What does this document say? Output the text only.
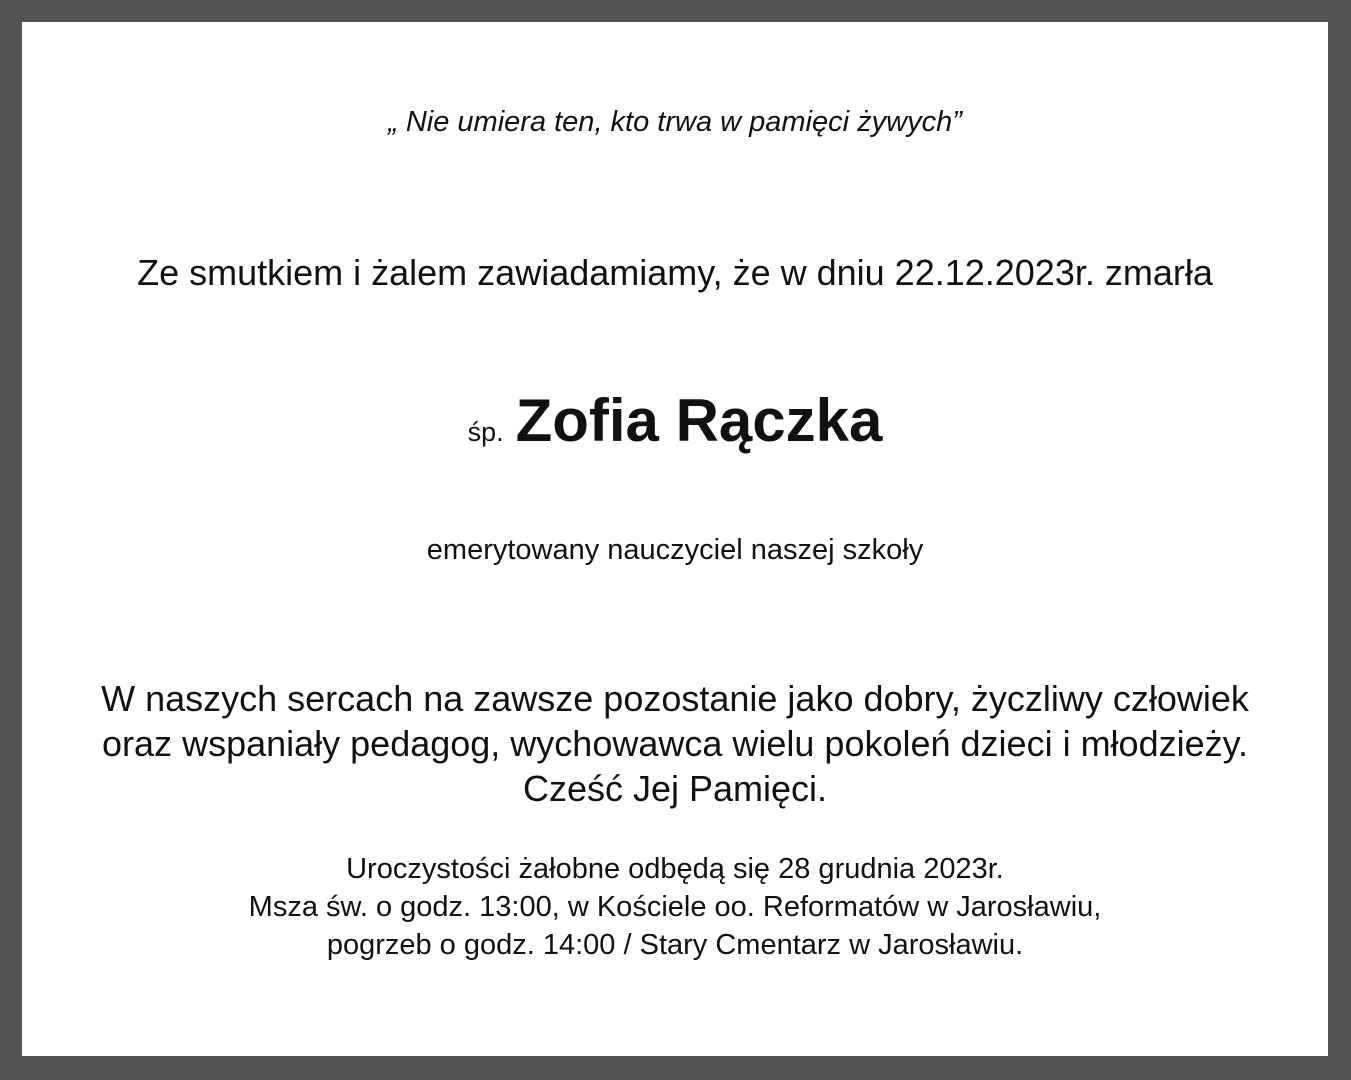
„ Nie umiera ten, kto trwa w pamięci żywych”
Ze smutkiem i żalem zawiadamiamy, że w dniu 22.12.2023r. zmarła
śp. Zofia Rączka
emerytowany nauczyciel naszej szkoły
W naszych sercach na zawsze pozostanie jako dobry, życzliwy człowiek
oraz wspaniały pedagog, wychowawca wielu pokoleń dzieci i młodzieży.
Cześć Jej Pamięci.
Uroczystości żałobne odbędą się 28 grudnia 2023r.
Msza św. o godz. 13:00, w Kościele oo. Reformatów w Jarosławiu,
pogrzeb o godz. 14:00 / Stary Cmentarz w Jarosławiu.
